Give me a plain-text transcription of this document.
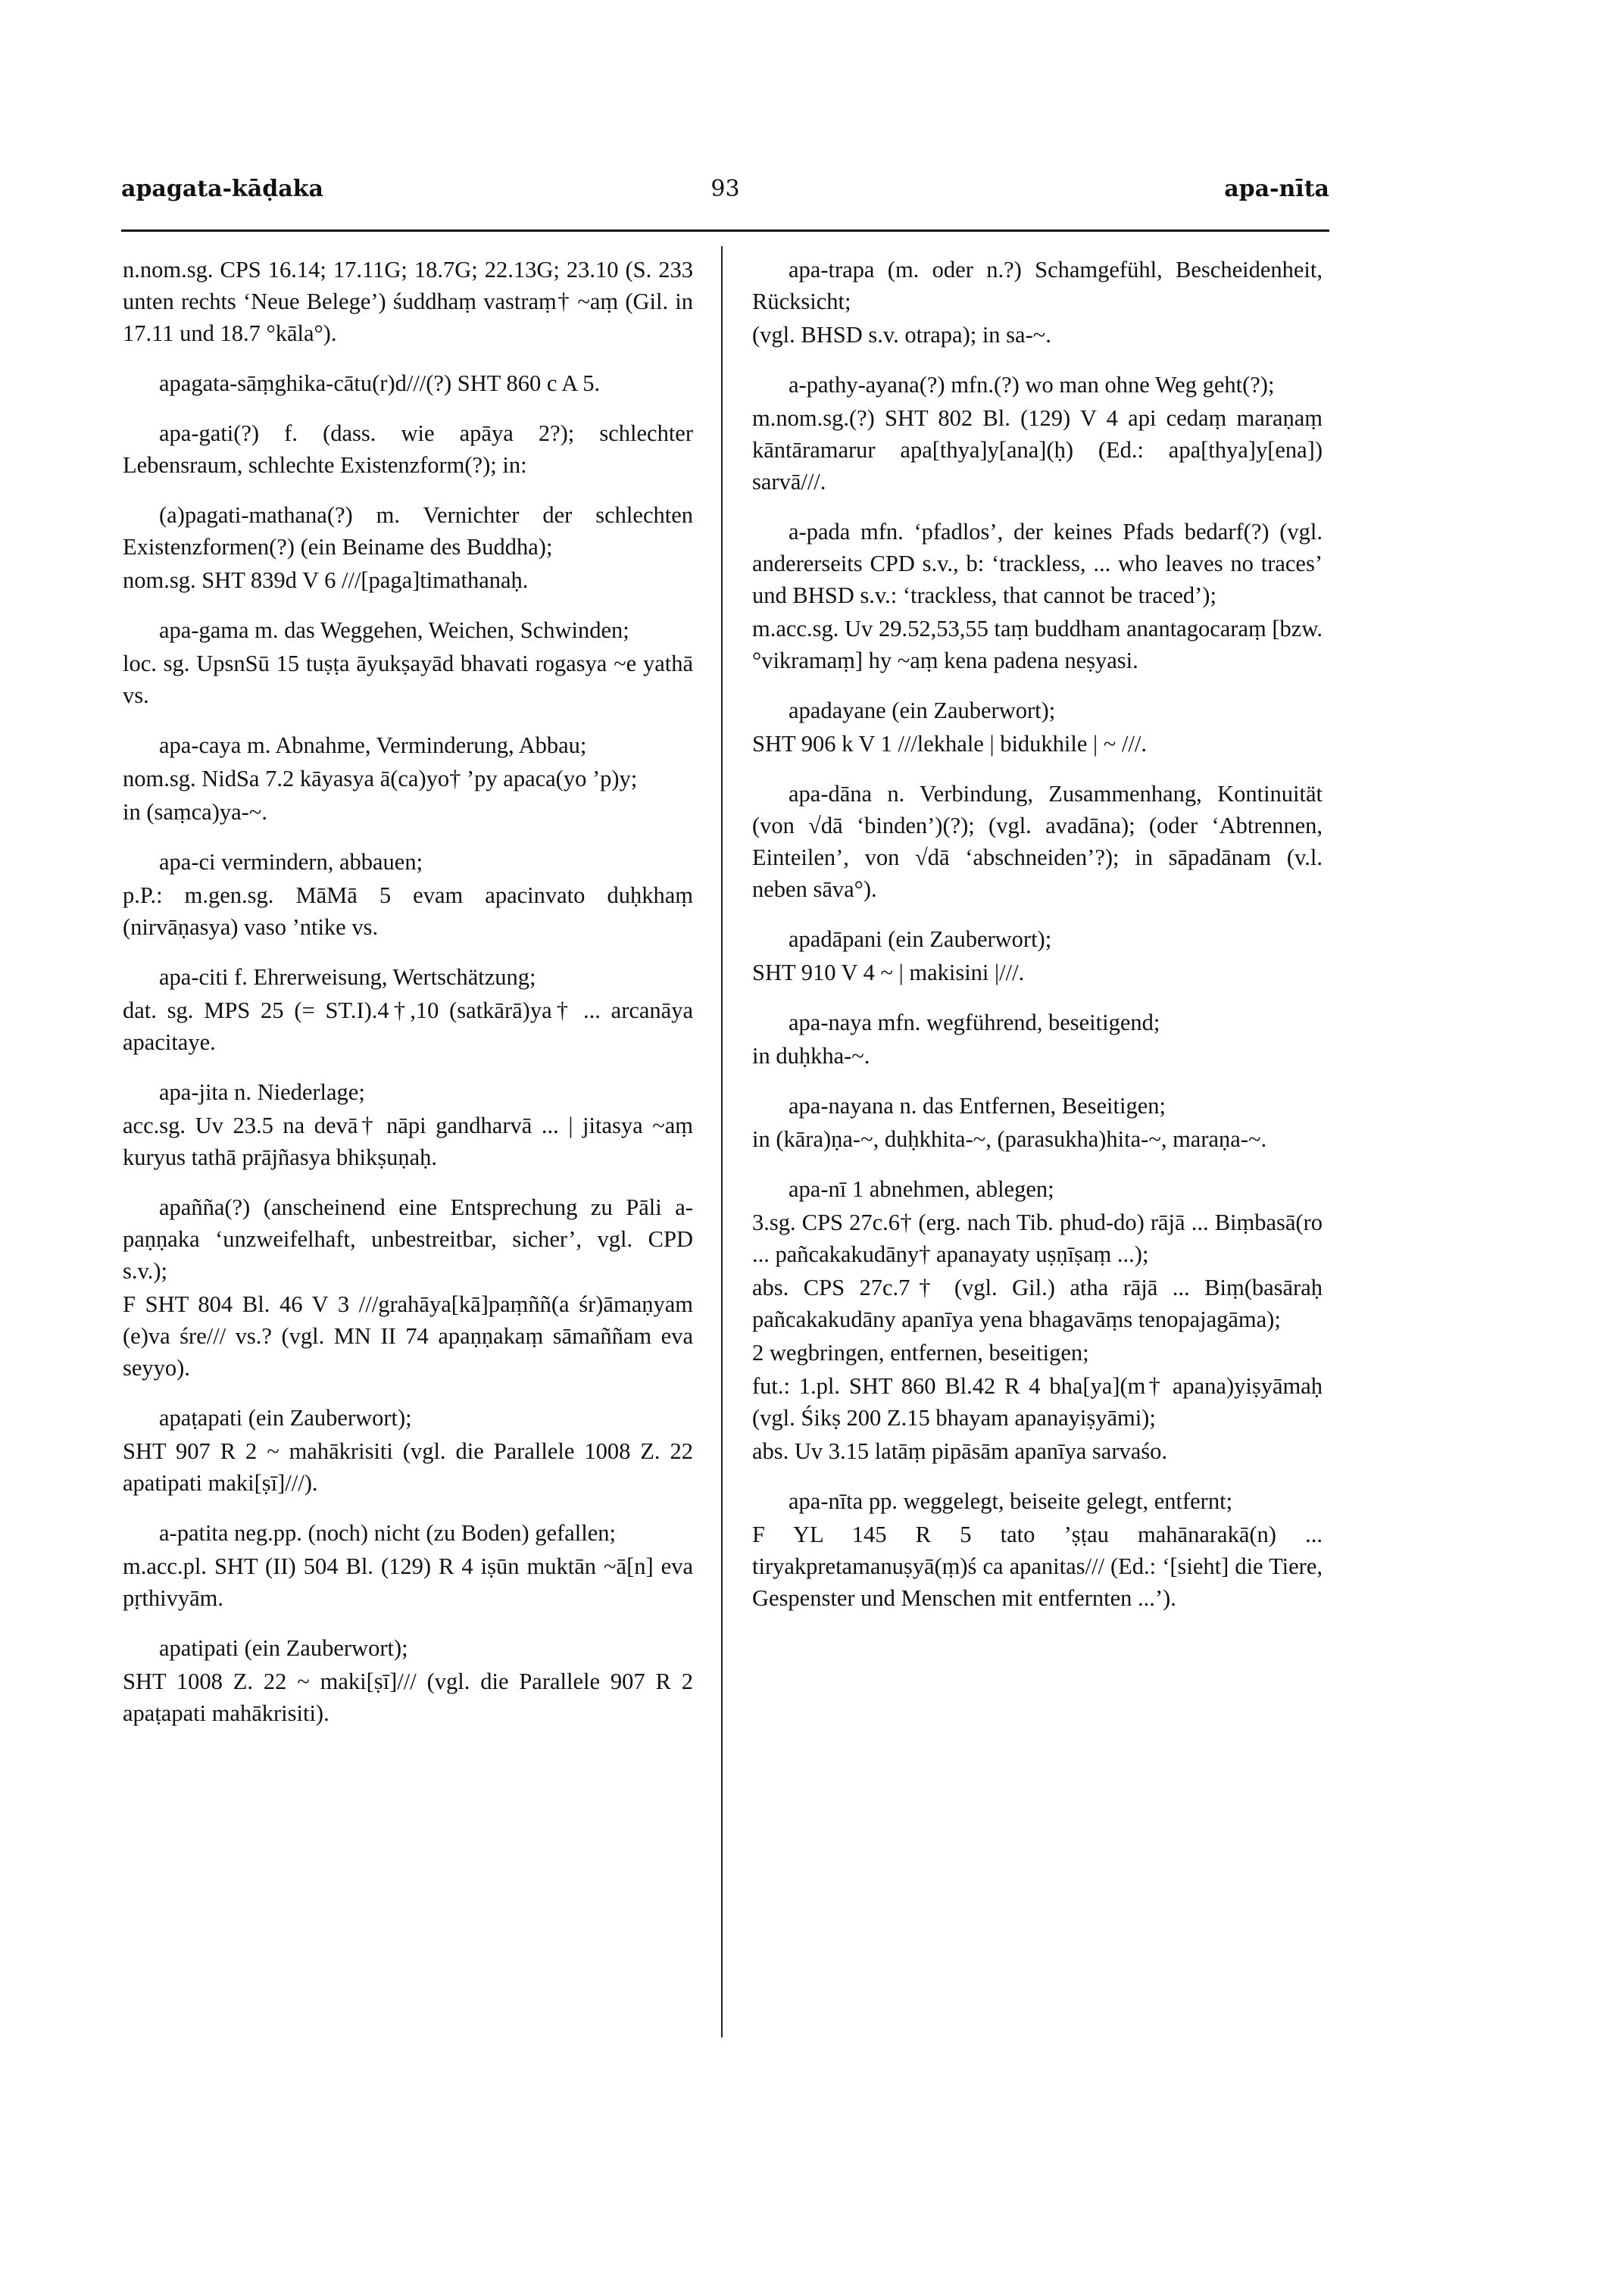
apagata-kāḍaka	93	apa-nīta

n.nom.sg. CPS 16.14; 17.11G; 18.7G; 22.13G; 23.10 (S. 233 unten rechts ‘Neue Belege’) śuddhaṃ vastraṃ† ~aṃ (Gil. in 17.11 und 18.7 °kāla°).

apagata-sāṃghika-cātu(r)d///(?) SHT 860 c A 5.

apa-gati(?) f. (dass. wie apāya 2?); schlechter Lebensraum, schlechte Existenzform(?); in:

(a)pagati-mathana(?) m. Vernichter der schlechten Existenzformen(?) (ein Beiname des Buddha);

nom.sg. SHT 839d V 6 ///[paga]timathanaḥ.

apa-gama m. das Weggehen, Weichen, Schwinden;

loc. sg. UpsnSū 15 tuṣṭa āyukṣayād bhavati rogasya ~e yathā vs.

apa-caya m. Abnahme, Verminderung, Abbau;

nom.sg. NidSa 7.2 kāyasya ā(ca)yo† ’py apaca(yo ’p)y;

in (saṃca)ya-~.

apa-ci vermindern, abbauen;

p.P.: m.gen.sg. MāMā 5 evam apacinvato duḥkhaṃ (nirvāṇasya) vaso ’ntike vs.

apa-citi f. Ehrerweisung, Wertschätzung;

dat. sg. MPS 25 (= ST.I).4†,10 (satkārā)ya† ... arcanāya apacitaye.

apa-jita n. Niederlage;

acc.sg. Uv 23.5 na devā† nāpi gandharvā ... | jitasya ~aṃ kuryus tathā prājñasya bhikṣuṇaḥ.

apañña(?) (anscheinend eine Entsprechung zu Pāli a-paṇṇaka ‘unzweifelhaft, unbestreitbar, sicher’, vgl. CPD s.v.);

F SHT 804 Bl. 46 V 3 ///grahāya[kā]paṃññ(a śr)āmaṇyam (e)va śre/// vs.? (vgl. MN II 74 apaṇṇakaṃ sāmaññam eva seyyo).

apaṭapati (ein Zauberwort);

SHT 907 R 2 ~ mahākrisiti (vgl. die Parallele 1008 Z. 22 apatipati maki[ṣī]///).

a-patita neg.pp. (noch) nicht (zu Boden) gefallen;

m.acc.pl. SHT (II) 504 Bl. (129) R 4 iṣūn muktān ~ā[n] eva pṛthivyām.

apatipati (ein Zauberwort);

SHT 1008 Z. 22 ~ maki[ṣī]/// (vgl. die Parallele 907 R 2 apaṭapati mahākrisiti).

apa-trapa (m. oder n.?) Schamgefühl, Bescheidenheit, Rücksicht;

(vgl. BHSD s.v. otrapa); in sa-~.

a-pathy-ayana(?) mfn.(?) wo man ohne Weg geht(?);

m.nom.sg.(?) SHT 802 Bl. (129) V 4 api cedaṃ maraṇaṃ kāntāramarur apa[thya]y[ana](ḥ) (Ed.: apa[thya]y[ena]) sarvā///.

a-pada mfn. ‘pfadlos’, der keines Pfads bedarf(?) (vgl. andererseits CPD s.v., b: ‘trackless, ... who leaves no traces’ und BHSD s.v.: ‘trackless, that cannot be traced’);

m.acc.sg. Uv 29.52,53,55 taṃ buddham anantagocaraṃ [bzw. °vikramaṃ] hy ~aṃ kena padena neṣyasi.

apadayane (ein Zauberwort);

SHT 906 k V 1 ///lekhale | bidukhile | ~ ///.

apa-dāna n. Verbindung, Zusammenhang, Kontinuität (von √dā ‘binden’)(?); (vgl. avadāna); (oder ‘Abtrennen, Einteilen’, von √dā ‘abschneiden’?); in sāpadānam (v.l. neben sāva°).

apadāpani (ein Zauberwort);

SHT 910 V 4 ~ | makisini |///.

apa-naya mfn. wegführend, beseitigend;

in duḥkha-~.

apa-nayana n. das Entfernen, Beseitigen;

in (kāra)ṇa-~, duḥkhita-~, (parasukha)hita-~, maraṇa-~.

apa-nī 1 abnehmen, ablegen;

3.sg. CPS 27c.6† (erg. nach Tib. phud-do) rājā ... Biṃbasā(ro ... pañcakakudāny† apanayaty uṣṇīṣaṃ ...);

abs. CPS 27c.7† (vgl. Gil.) atha rājā ... Biṃ(basāraḥ pañcakakudāny apanīya yena bhagavāṃs tenopajagāma);

2 wegbringen, entfernen, beseitigen;

fut.: 1.pl. SHT 860 Bl.42 R 4 bha[ya](m† apana)yiṣyāmaḥ (vgl. Śikṣ 200 Z.15 bhayam apanayiṣyāmi);

abs. Uv 3.15 latāṃ pipāsām apanīya sarvaśo.

apa-nīta pp. weggelegt, beiseite gelegt, entfernt;

F YL 145 R 5 tato ’ṣṭau mahānarakā(n) ... tiryakpretamanuṣyā(ṃ)ś ca apanitas/// (Ed.: ‘[sieht] die Tiere, Gespenster und Menschen mit entfernten ...’).
